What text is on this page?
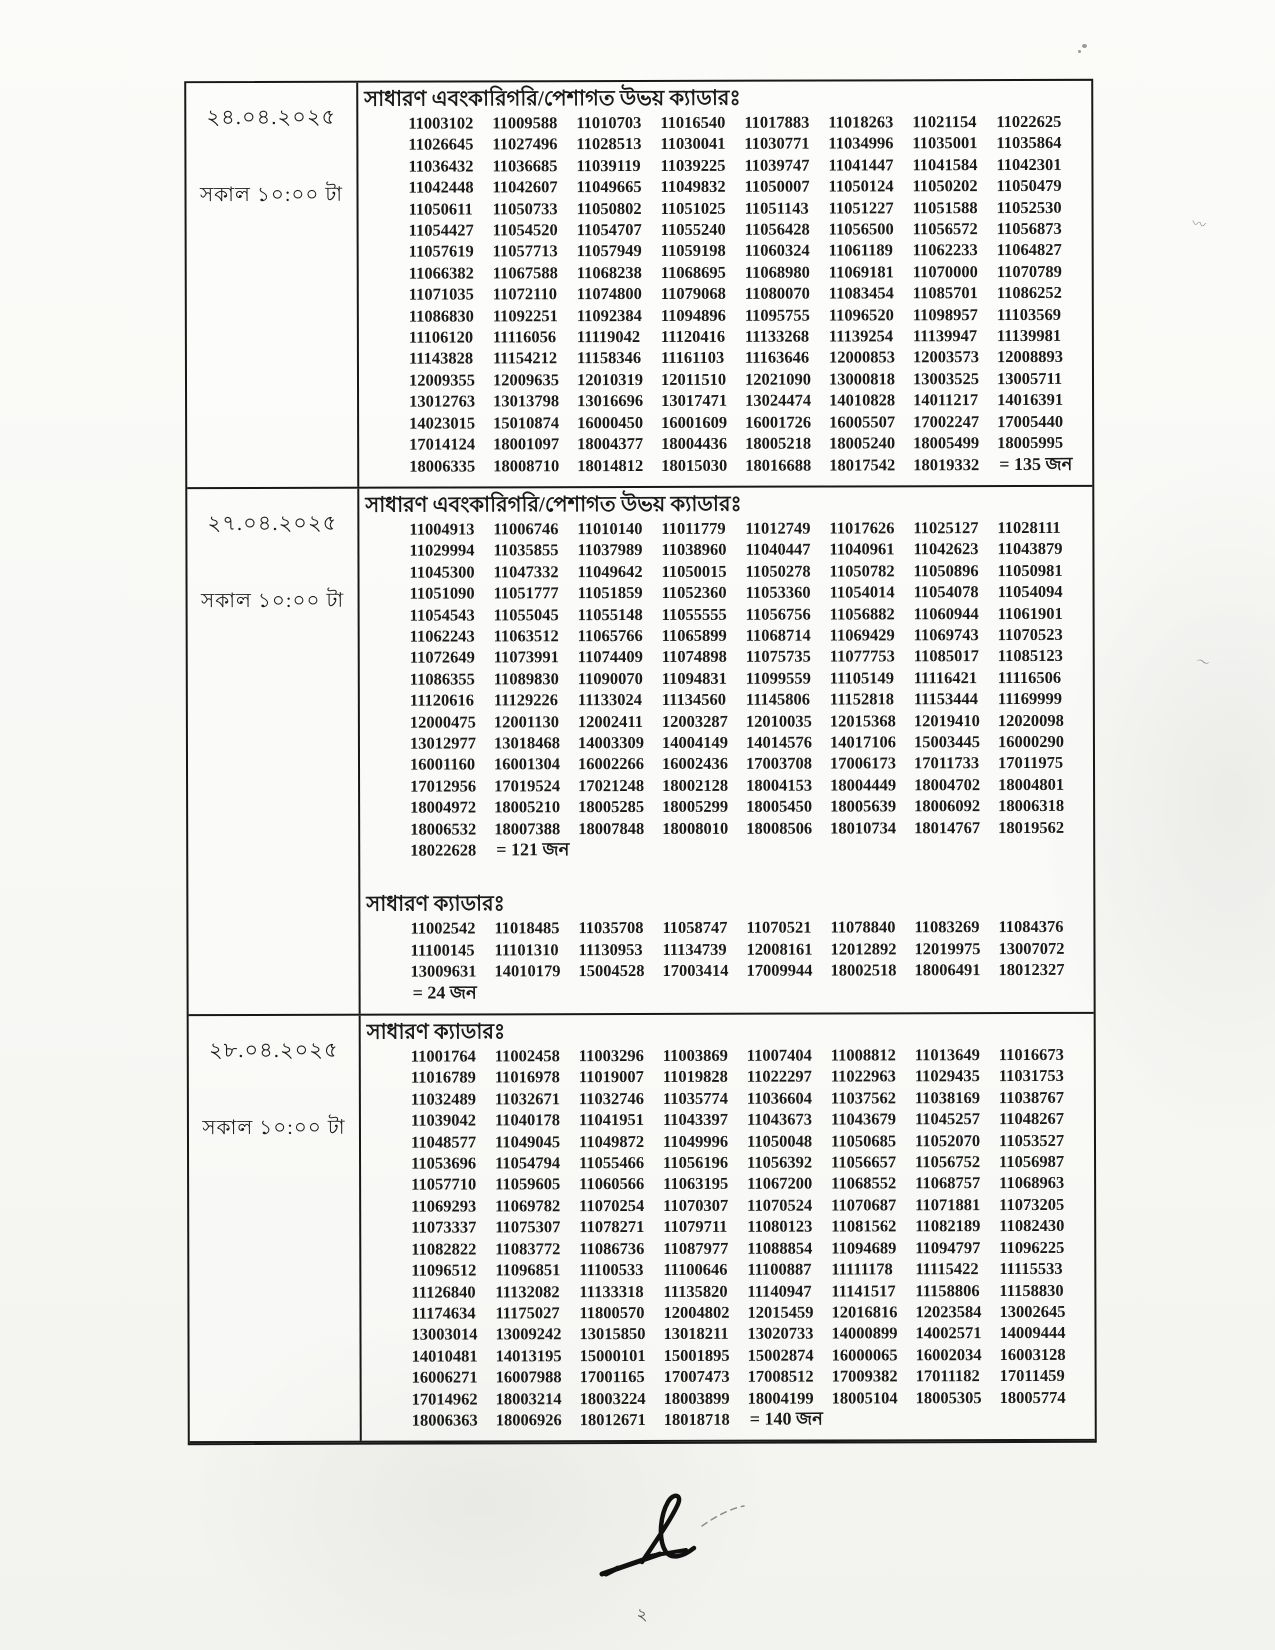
২৪.০৪.২০২৫
সকাল ১০:০০ টা
সাধারণ এবংকারিগরি/পেশাগত উভয় ক্যাডারঃ
11003102 11009588 11010703 11016540 11017883 11018263 11021154 1102262511026645 11027496 11028513 11030041 11030771 11034996 11035001 1103586411036432 11036685 11039119 11039225 11039747 11041447 11041584 1104230111042448 11042607 11049665 11049832 11050007 11050124 11050202 1105047911050611 11050733 11050802 11051025 11051143 11051227 11051588 1105253011054427 11054520 11054707 11055240 11056428 11056500 11056572 1105687311057619 11057713 11057949 11059198 11060324 11061189 11062233 1106482711066382 11067588 11068238 11068695 11068980 11069181 11070000 1107078911071035 11072110 11074800 11079068 11080070 11083454 11085701 1108625211086830 11092251 11092384 11094896 11095755 11096520 11098957 1110356911106120 11116056 11119042 11120416 11133268 11139254 11139947 1113998111143828 11154212 11158346 11161103 11163646 12000853 12003573 1200889312009355 12009635 12010319 12011510 12021090 13000818 13003525 1300571113012763 13013798 13016696 13017471 13024474 14010828 14011217 1401639114023015 15010874 16000450 16001609 16001726 16005507 17002247 1700544017014124 18001097 18004377 18004436 18005218 18005240 18005499 1800599518006335 18008710 18014812 18015030 18016688 18017542 18019332 = 135 জন
২৭.০৪.২০২৫
সকাল ১০:০০ টা
সাধারণ এবংকারিগরি/পেশাগত উভয় ক্যাডারঃ
11004913 11006746 11010140 11011779 11012749 11017626 11025127 1102811111029994 11035855 11037989 11038960 11040447 11040961 11042623 1104387911045300 11047332 11049642 11050015 11050278 11050782 11050896 1105098111051090 11051777 11051859 11052360 11053360 11054014 11054078 1105409411054543 11055045 11055148 11055555 11056756 11056882 11060944 1106190111062243 11063512 11065766 11065899 11068714 11069429 11069743 1107052311072649 11073991 11074409 11074898 11075735 11077753 11085017 1108512311086355 11089830 11090070 11094831 11099559 11105149 11116421 1111650611120616 11129226 11133024 11134560 11145806 11152818 11153444 1116999912000475 12001130 12002411 12003287 12010035 12015368 12019410 1202009813012977 13018468 14003309 14004149 14014576 14017106 15003445 1600029016001160 16001304 16002266 16002436 17003708 17006173 17011733 1701197517012956 17019524 17021248 18002128 18004153 18004449 18004702 1800480118004972 18005210 18005285 18005299 18005450 18005639 18006092 1800631818006532 18007388 18007848 18008010 18008506 18010734 18014767 1801956218022628 = 121 জন
সাধারণ ক্যাডারঃ
11002542 11018485 11035708 11058747 11070521 11078840 11083269 1108437611100145 11101310 11130953 11134739 12008161 12012892 12019975 1300707213009631 14010179 15004528 17003414 17009944 18002518 18006491 18012327= 24 জন
২৮.০৪.২০২৫
সকাল ১০:০০ টা
সাধারণ ক্যাডারঃ
11001764 11002458 11003296 11003869 11007404 11008812 11013649 1101667311016789 11016978 11019007 11019828 11022297 11022963 11029435 1103175311032489 11032671 11032746 11035774 11036604 11037562 11038169 1103876711039042 11040178 11041951 11043397 11043673 11043679 11045257 1104826711048577 11049045 11049872 11049996 11050048 11050685 11052070 1105352711053696 11054794 11055466 11056196 11056392 11056657 11056752 1105698711057710 11059605 11060566 11063195 11067200 11068552 11068757 1106896311069293 11069782 11070254 11070307 11070524 11070687 11071881 1107320511073337 11075307 11078271 11079711 11080123 11081562 11082189 1108243011082822 11083772 11086736 11087977 11088854 11094689 11094797 1109622511096512 11096851 11100533 11100646 11100887 11111178 11115422 1111553311126840 11132082 11133318 11135820 11140947 11141517 11158806 1115883011174634 11175027 11800570 12004802 12015459 12016816 12023584 1300264513003014 13009242 13015850 13018211 13020733 14000899 14002571 1400944414010481 14013195 15000101 15001895 15002874 16000065 16002034 1600312816006271 16007988 17001165 17007473 17008512 17009382 17011182 1701145917014962 18003214 18003224 18003899 18004199 18005104 18005305 1800577418006363 18006926 18012671 18018718 = 140 জন
২
〰
〜
